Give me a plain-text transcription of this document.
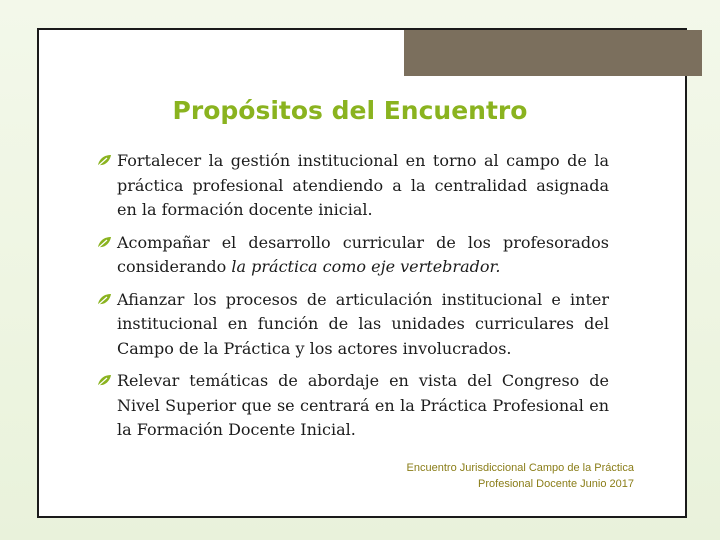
Propósitos del Encuentro
Fortalecer la gestión institucional en torno al campo de la práctica profesional atendiendo a la centralidad asignada en la formación docente inicial.
Acompañar el desarrollo curricular de los profesorados considerando la práctica como eje vertebrador.
Afianzar los procesos de articulación institucional e inter institucional en función de las unidades curriculares del Campo de la Práctica y los actores involucrados.
Relevar temáticas de abordaje en vista del Congreso de Nivel Superior que se centrará en la Práctica Profesional en la Formación Docente Inicial.
Encuentro Jurisdiccional Campo de la Práctica
Profesional Docente Junio 2017
